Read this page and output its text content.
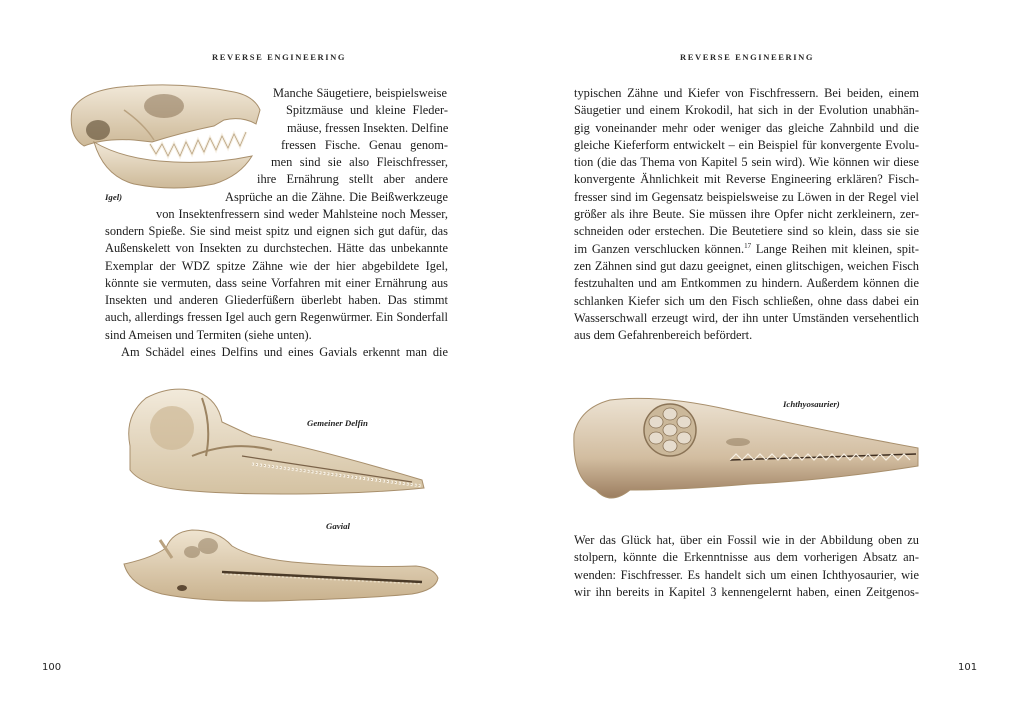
REVERSE ENGINEERING
Igel)
Manche Säugetiere, beispielsweise
Spitzmäuse und kleine Fleder-
mäuse, fressen Insekten. Delfine
fressen Fische. Genau genom-
men sind sie also Fleischfresser,
ihre Ernährung stellt aber andere
Asprüche an die Zähne. Die Beißwerkzeuge
von Insektenfressern sind weder Mahlsteine noch Messer,
sondern Spieße. Sie sind meist spitz und eignen sich gut dafür, das
Außenskelett von Insekten zu durchstechen. Hätte das unbekannte
Exemplar der WDZ spitze Zähne wie der hier abgebildete Igel,
könnte sie vermuten, dass seine Vorfahren mit einer Ernährung aus
Insekten und anderen Gliederfüßern überlebt haben. Das stimmt
auch, allerdings fressen Igel auch gern Regenwürmer. Ein Sonderfall
sind Ameisen und Termiten (siehe unten).
Am Schädel eines Delfins und eines Gavials erkennt man die
Gemeiner Delfin
Gavial
100
REVERSE ENGINEERING
typischen Zähne und Kiefer von Fischfressern. Bei beiden, einem
Säugetier und einem Krokodil, hat sich in der Evolution unabhän-
gig voneinander mehr oder weniger das gleiche Zahnbild und die
gleiche Kieferform entwickelt – ein Beispiel für konvergente Evolu-
tion (die das Thema von Kapitel 5 sein wird). Wie können wir diese
konvergente Ähnlichkeit mit Reverse Engineering erklären? Fisch-
fresser sind im Gegensatz beispielsweise zu Löwen in der Regel viel
größer als ihre Beute. Sie müssen ihre Opfer nicht zerkleinern, zer-
schneiden oder erstechen. Die Beutetiere sind so klein, dass sie sie
im Ganzen verschlucken können.$^{17}$ Lange Reihen mit kleinen, spit-
zen Zähnen sind gut dazu geeignet, einen glitschigen, weichen Fisch
festzuhalten und am Entkommen zu hindern. Außerdem können die
schlanken Kiefer sich um den Fisch schließen, ohne dass dabei ein
Wasserschwall erzeugt wird, der ihn unter Umständen versehentlich
aus dem Gefahrenbereich befördert.
Ichthyosaurier)
Wer das Glück hat, über ein Fossil wie in der Abbildung oben zu
stolpern, könnte die Erkenntnisse aus dem vorherigen Absatz an-
wenden: Fischfresser. Es handelt sich um einen Ichthyosaurier, wie
wir ihn bereits in Kapitel 3 kennengelernt haben, einen Zeitgenos-
101
